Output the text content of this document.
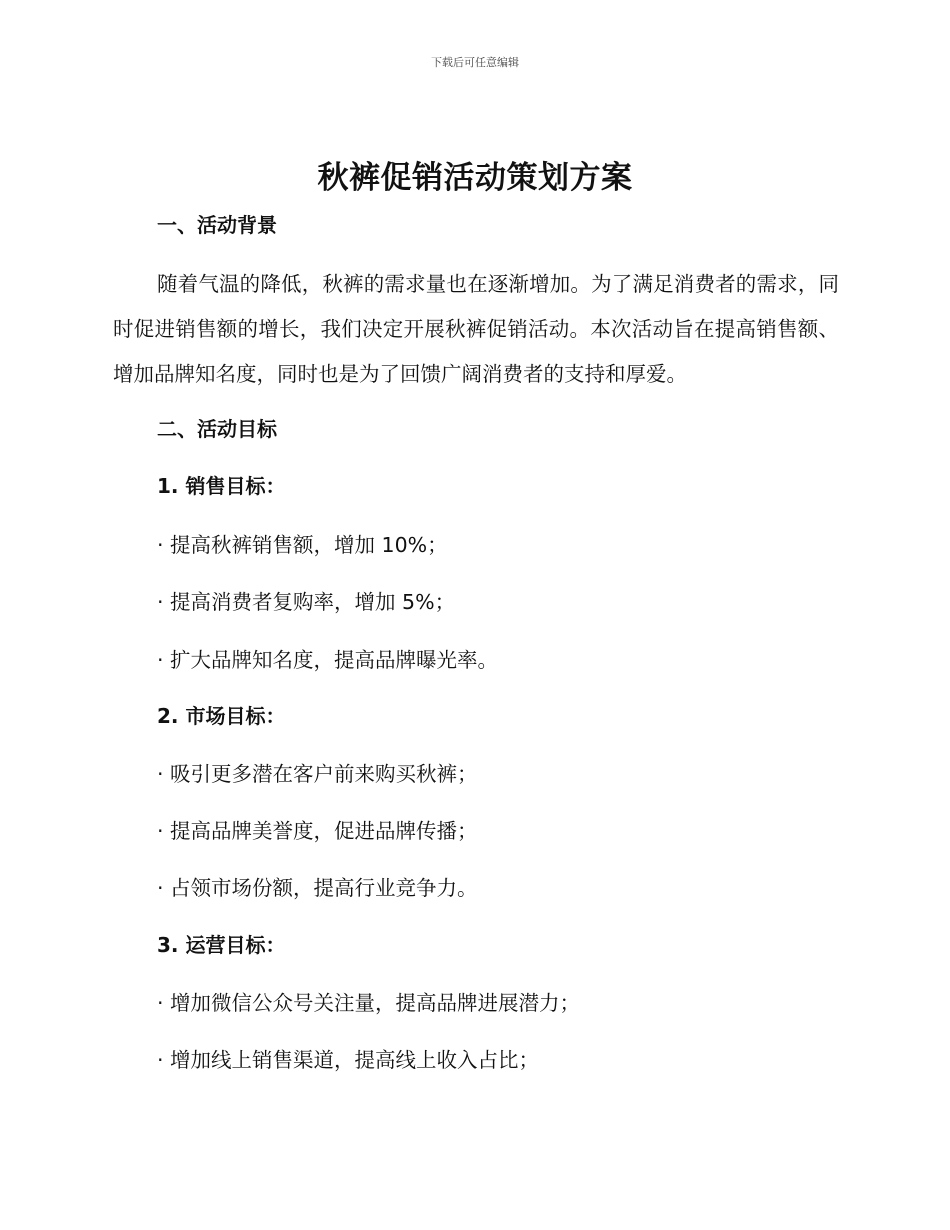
下载后可任意编辑
秋裤促销活动策划方案
一、活动背景

随着气温的降低，秋裤的需求量也在逐渐增加。为了满足消费者的需求，同时促进销售额的增长，我们决定开展秋裤促销活动。本次活动旨在提高销售额、增加品牌知名度，同时也是为了回馈广阔消费者的支持和厚爱。

二、活动目标
1. 销售目标：
· 提高秋裤销售额，增加 10%；
· 提高消费者复购率，增加 5%；
· 扩大品牌知名度，提高品牌曝光率。
2. 市场目标：
· 吸引更多潜在客户前来购买秋裤；
· 提高品牌美誉度，促进品牌传播；
· 占领市场份额，提高行业竞争力。
3. 运营目标：
· 增加微信公众号关注量，提高品牌进展潜力；
· 增加线上销售渠道，提高线上收入占比；
